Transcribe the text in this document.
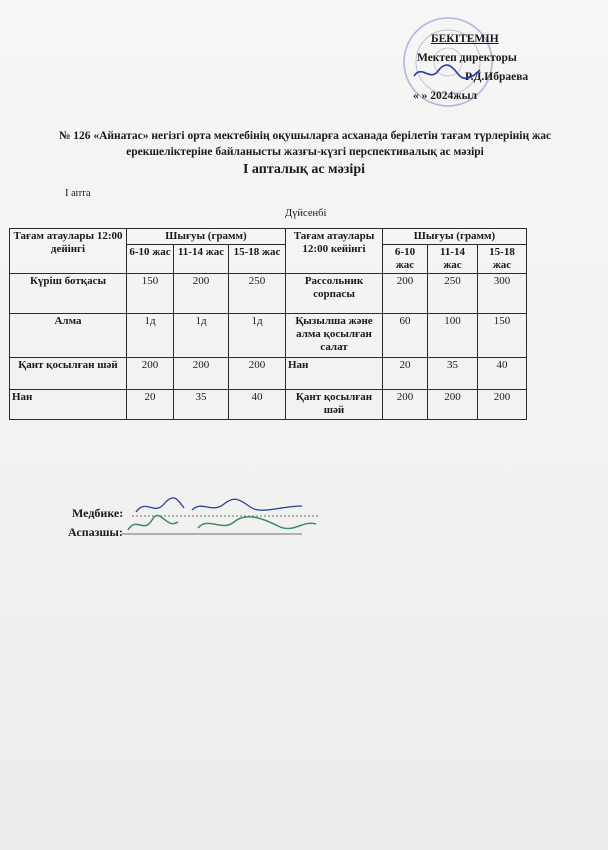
БЕКІТЕМІН
Мектеп директоры
Р.Д.Ибраева
« » 2024жыл
№ 126 «Айнатас» негізгі орта мектебінің оқушыларға асханада берілетін тағам түрлерінің жас ерекшеліктеріне байланысты жазғы-күзгі перспективалық ас мәзірі
I апталық ас мәзірі
I апта
Дүйсенбі
Тағам атаулары 12:00 дейінгі	Шығуы (грамм)			Тағам атаулары 12:00 кейінгі	Шығуы (грамм)		
	6-10 жас	11-14 жас	15-18 жас		6-10 жас	11-14 жас	15-18 жас
Күріш ботқасы	150	200	250	Рассольник сорпасы	200	250	300
Алма	1д	1д	1д	Қызылша және алма қосылған салат	60	100	150
Қант қосылған шәй	200	200	200	Нан	20	35	40
Нан	20	35	40	Қант қосылған шәй	200	200	200
Медбике:
Аспазшы:
